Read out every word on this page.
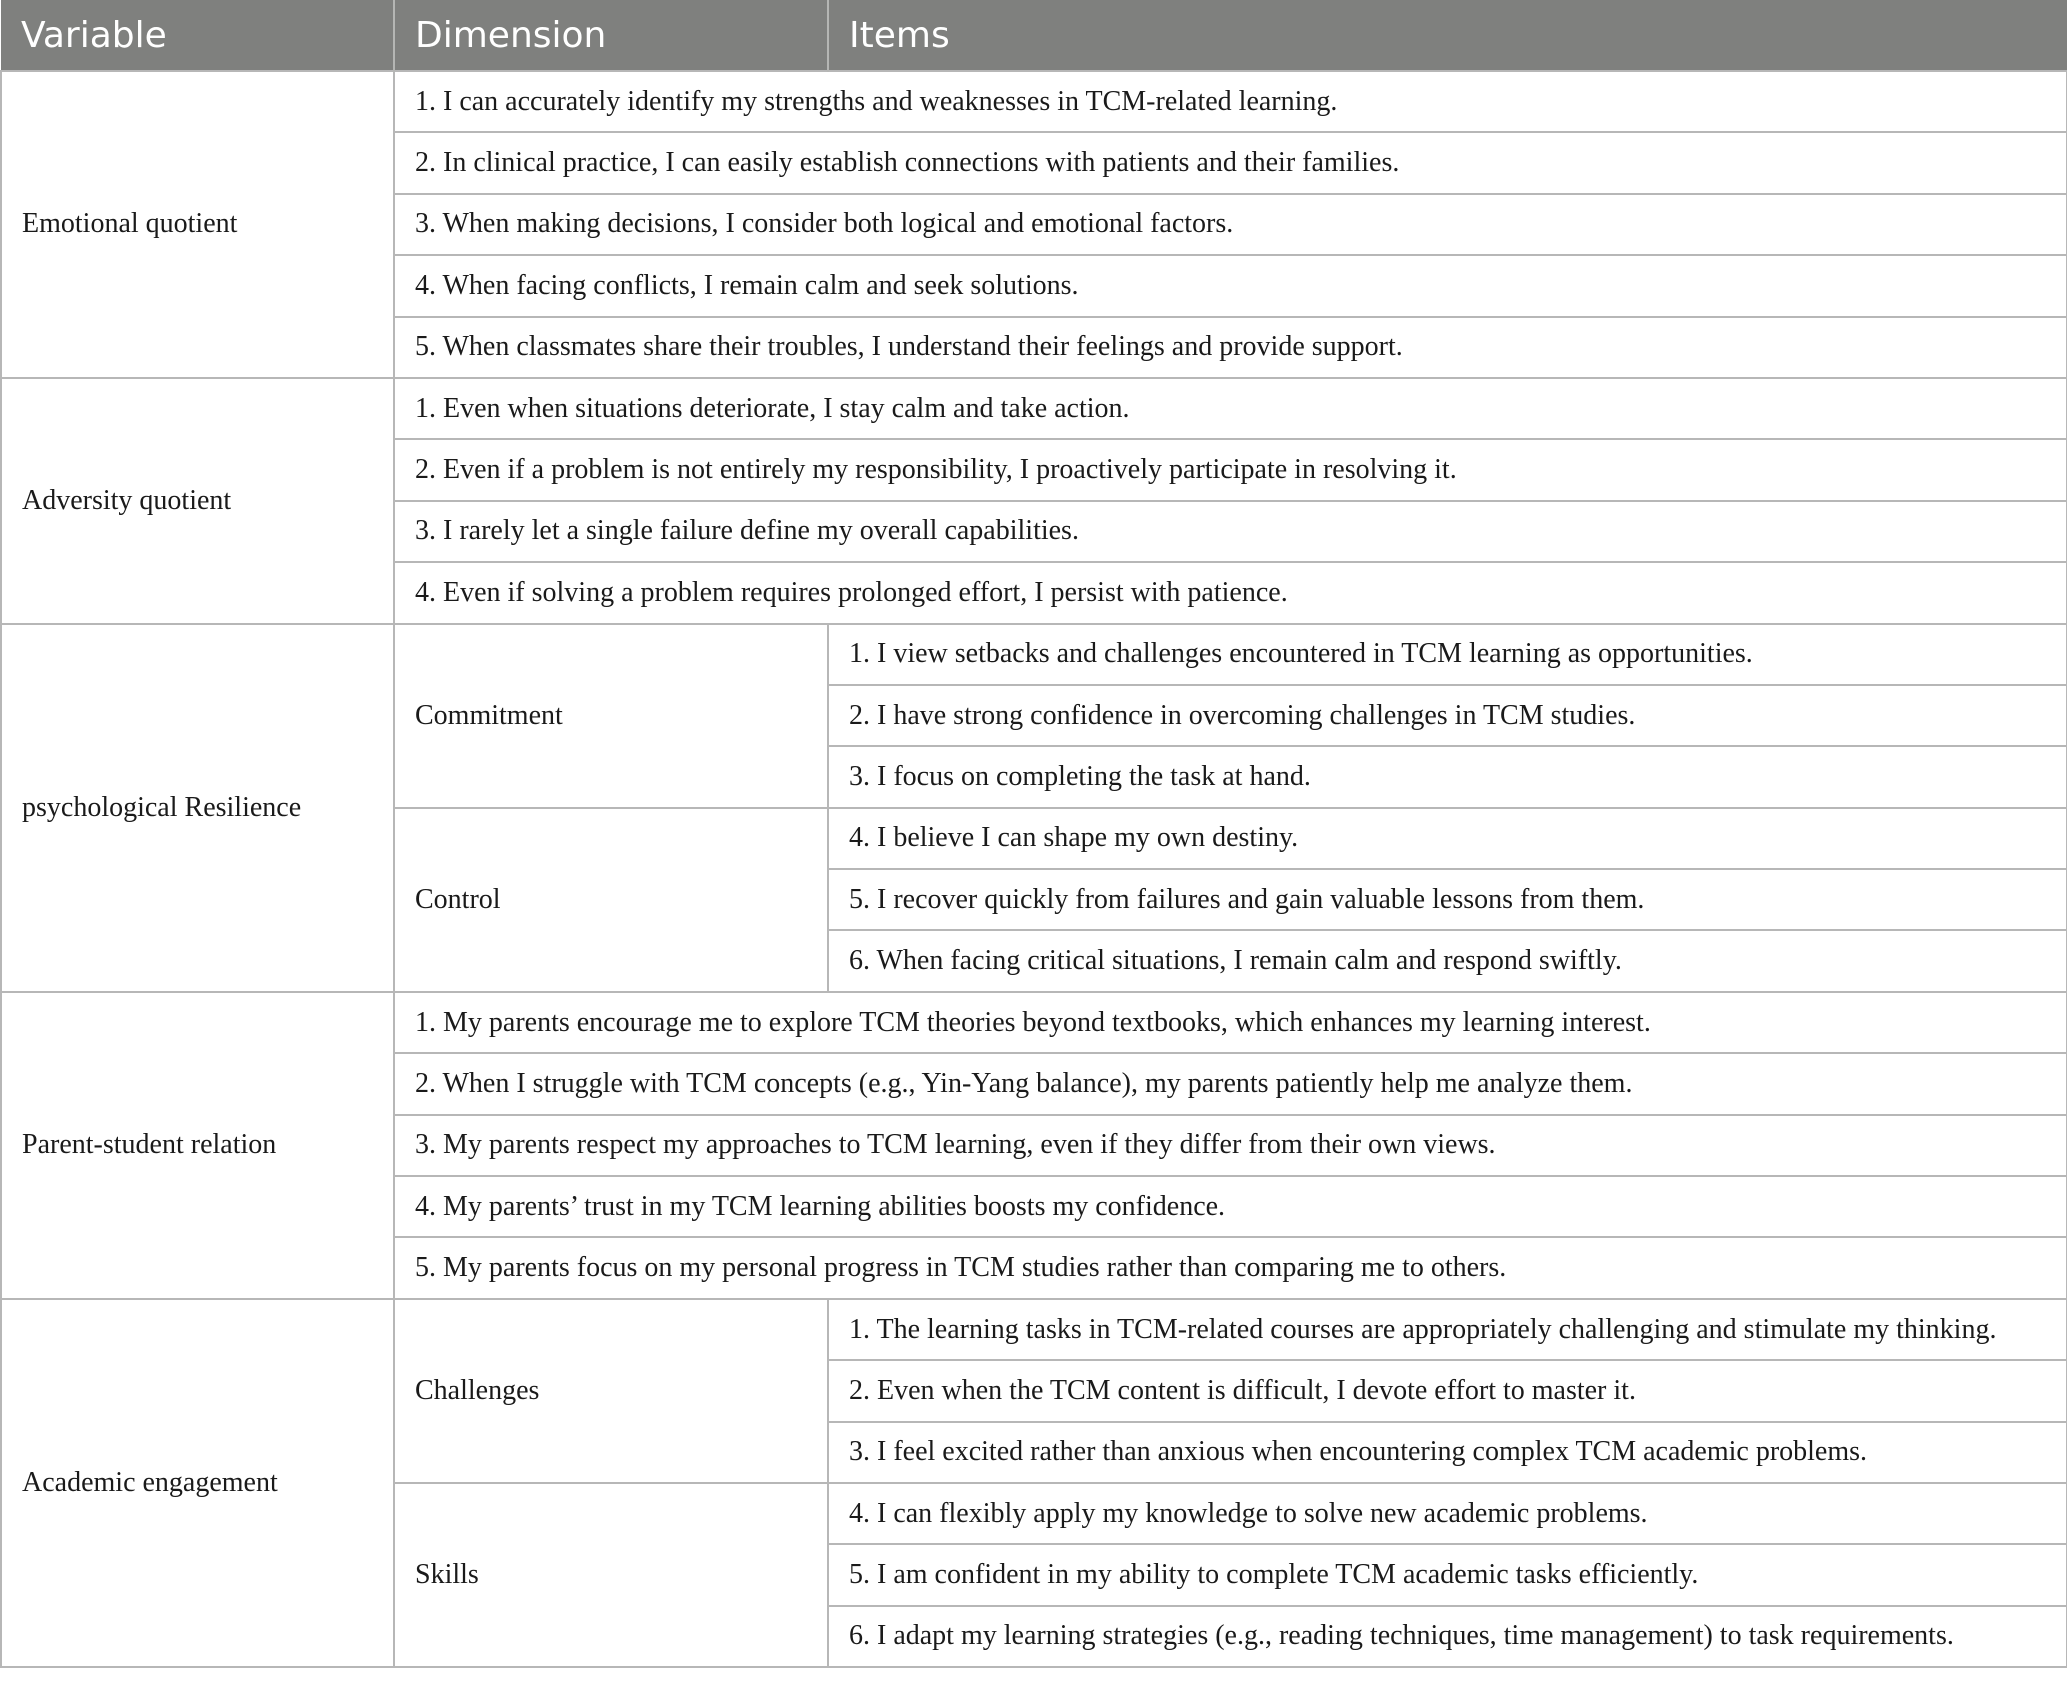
Variable	Dimension	Items
Emotional quotient	1. I can accurately identify my strengths and weaknesses in TCM-related learning.	
	2. In clinical practice, I can easily establish connections with patients and their families.	
	3. When making decisions, I consider both logical and emotional factors.	
	4. When facing conflicts, I remain calm and seek solutions.	
	5. When classmates share their troubles, I understand their feelings and provide support.	
Adversity quotient	1. Even when situations deteriorate, I stay calm and take action.	
	2. Even if a problem is not entirely my responsibility, I proactively participate in resolving it.	
	3. I rarely let a single failure define my overall capabilities.	
	4. Even if solving a problem requires prolonged effort, I persist with patience.	
psychological Resilience	Commitment	1. I view setbacks and challenges encountered in TCM learning as opportunities.
		2. I have strong confidence in overcoming challenges in TCM studies.
		3. I focus on completing the task at hand.
	Control	4. I believe I can shape my own destiny.
		5. I recover quickly from failures and gain valuable lessons from them.
		6. When facing critical situations, I remain calm and respond swiftly.
Parent-student relation	1. My parents encourage me to explore TCM theories beyond textbooks, which enhances my learning interest.	
	2. When I struggle with TCM concepts (e.g., Yin-Yang balance), my parents patiently help me analyze them.	
	3. My parents respect my approaches to TCM learning, even if they differ from their own views.	
	4. My parents’ trust in my TCM learning abilities boosts my confidence.	
	5. My parents focus on my personal progress in TCM studies rather than comparing me to others.	
Academic engagement	Challenges	1. The learning tasks in TCM-related courses are appropriately challenging and stimulate my thinking.
		2. Even when the TCM content is difficult, I devote effort to master it.
		3. I feel excited rather than anxious when encountering complex TCM academic problems.
	Skills	4. I can flexibly apply my knowledge to solve new academic problems.
		5. I am confident in my ability to complete TCM academic tasks efficiently.
		6. I adapt my learning strategies (e.g., reading techniques, time management) to task requirements.
